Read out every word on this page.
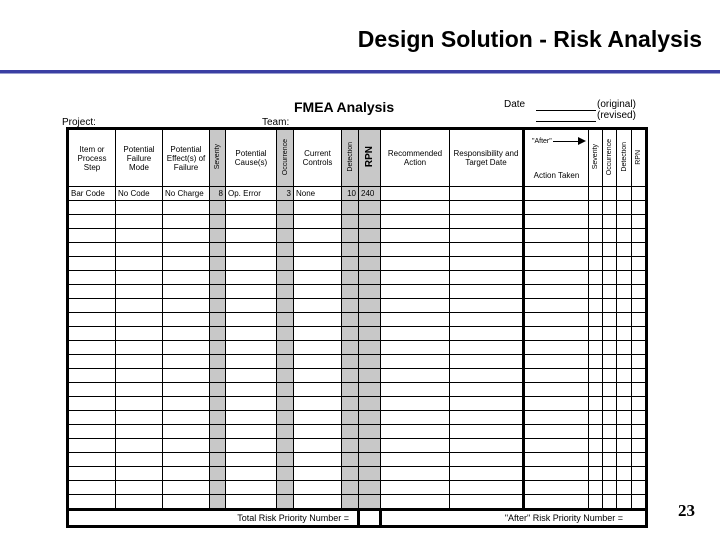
Design Solution - Risk Analysis
FMEA Analysis
Project:	Team:
Date	(original)
(revised)
Item or Process Step	Potential Failure Mode	Potential Effect(s) of Failure	Severity	Potential Cause(s)	Occurrence	Current Controls	Detection	RPN	Recommended Action	Responsibility and Target Date	Action Taken	Severity	Occurrence	Detection	RPN
Bar Code	No Code	No Charge	8	Op. Error	3	None	10	240							

Total Risk Priority Number =									"After" Risk Priority Number =						
"After"
23
